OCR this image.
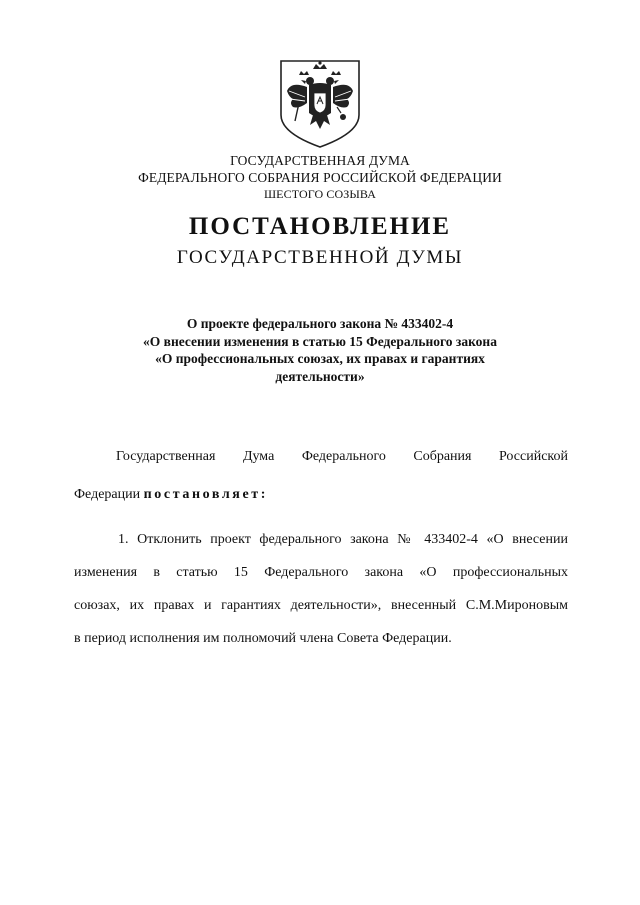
ГОСУДАРСТВЕННАЯ ДУМА
ФЕДЕРАЛЬНОГО СОБРАНИЯ РОССИЙСКОЙ ФЕДЕРАЦИИ
ШЕСТОГО СОЗЫВА
ПОСТАНОВЛЕНИЕ
ГОСУДАРСТВЕННОЙ ДУМЫ
О проекте федерального закона № 433402-4
«О внесении изменения в статью 15 Федерального закона
«О профессиональных союзах, их правах и гарантиях
деятельности»
Государственная Дума Федерального Собрания Российской
Федерации постановляет:
1. Отклонить проект федерального закона № 433402-4 «О внесении
изменения в статью 15 Федерального закона «О профессиональных
союзах, их правах и гарантиях деятельности», внесенный С.М.Мироновым
в период исполнения им полномочий члена Совета Федерации.
